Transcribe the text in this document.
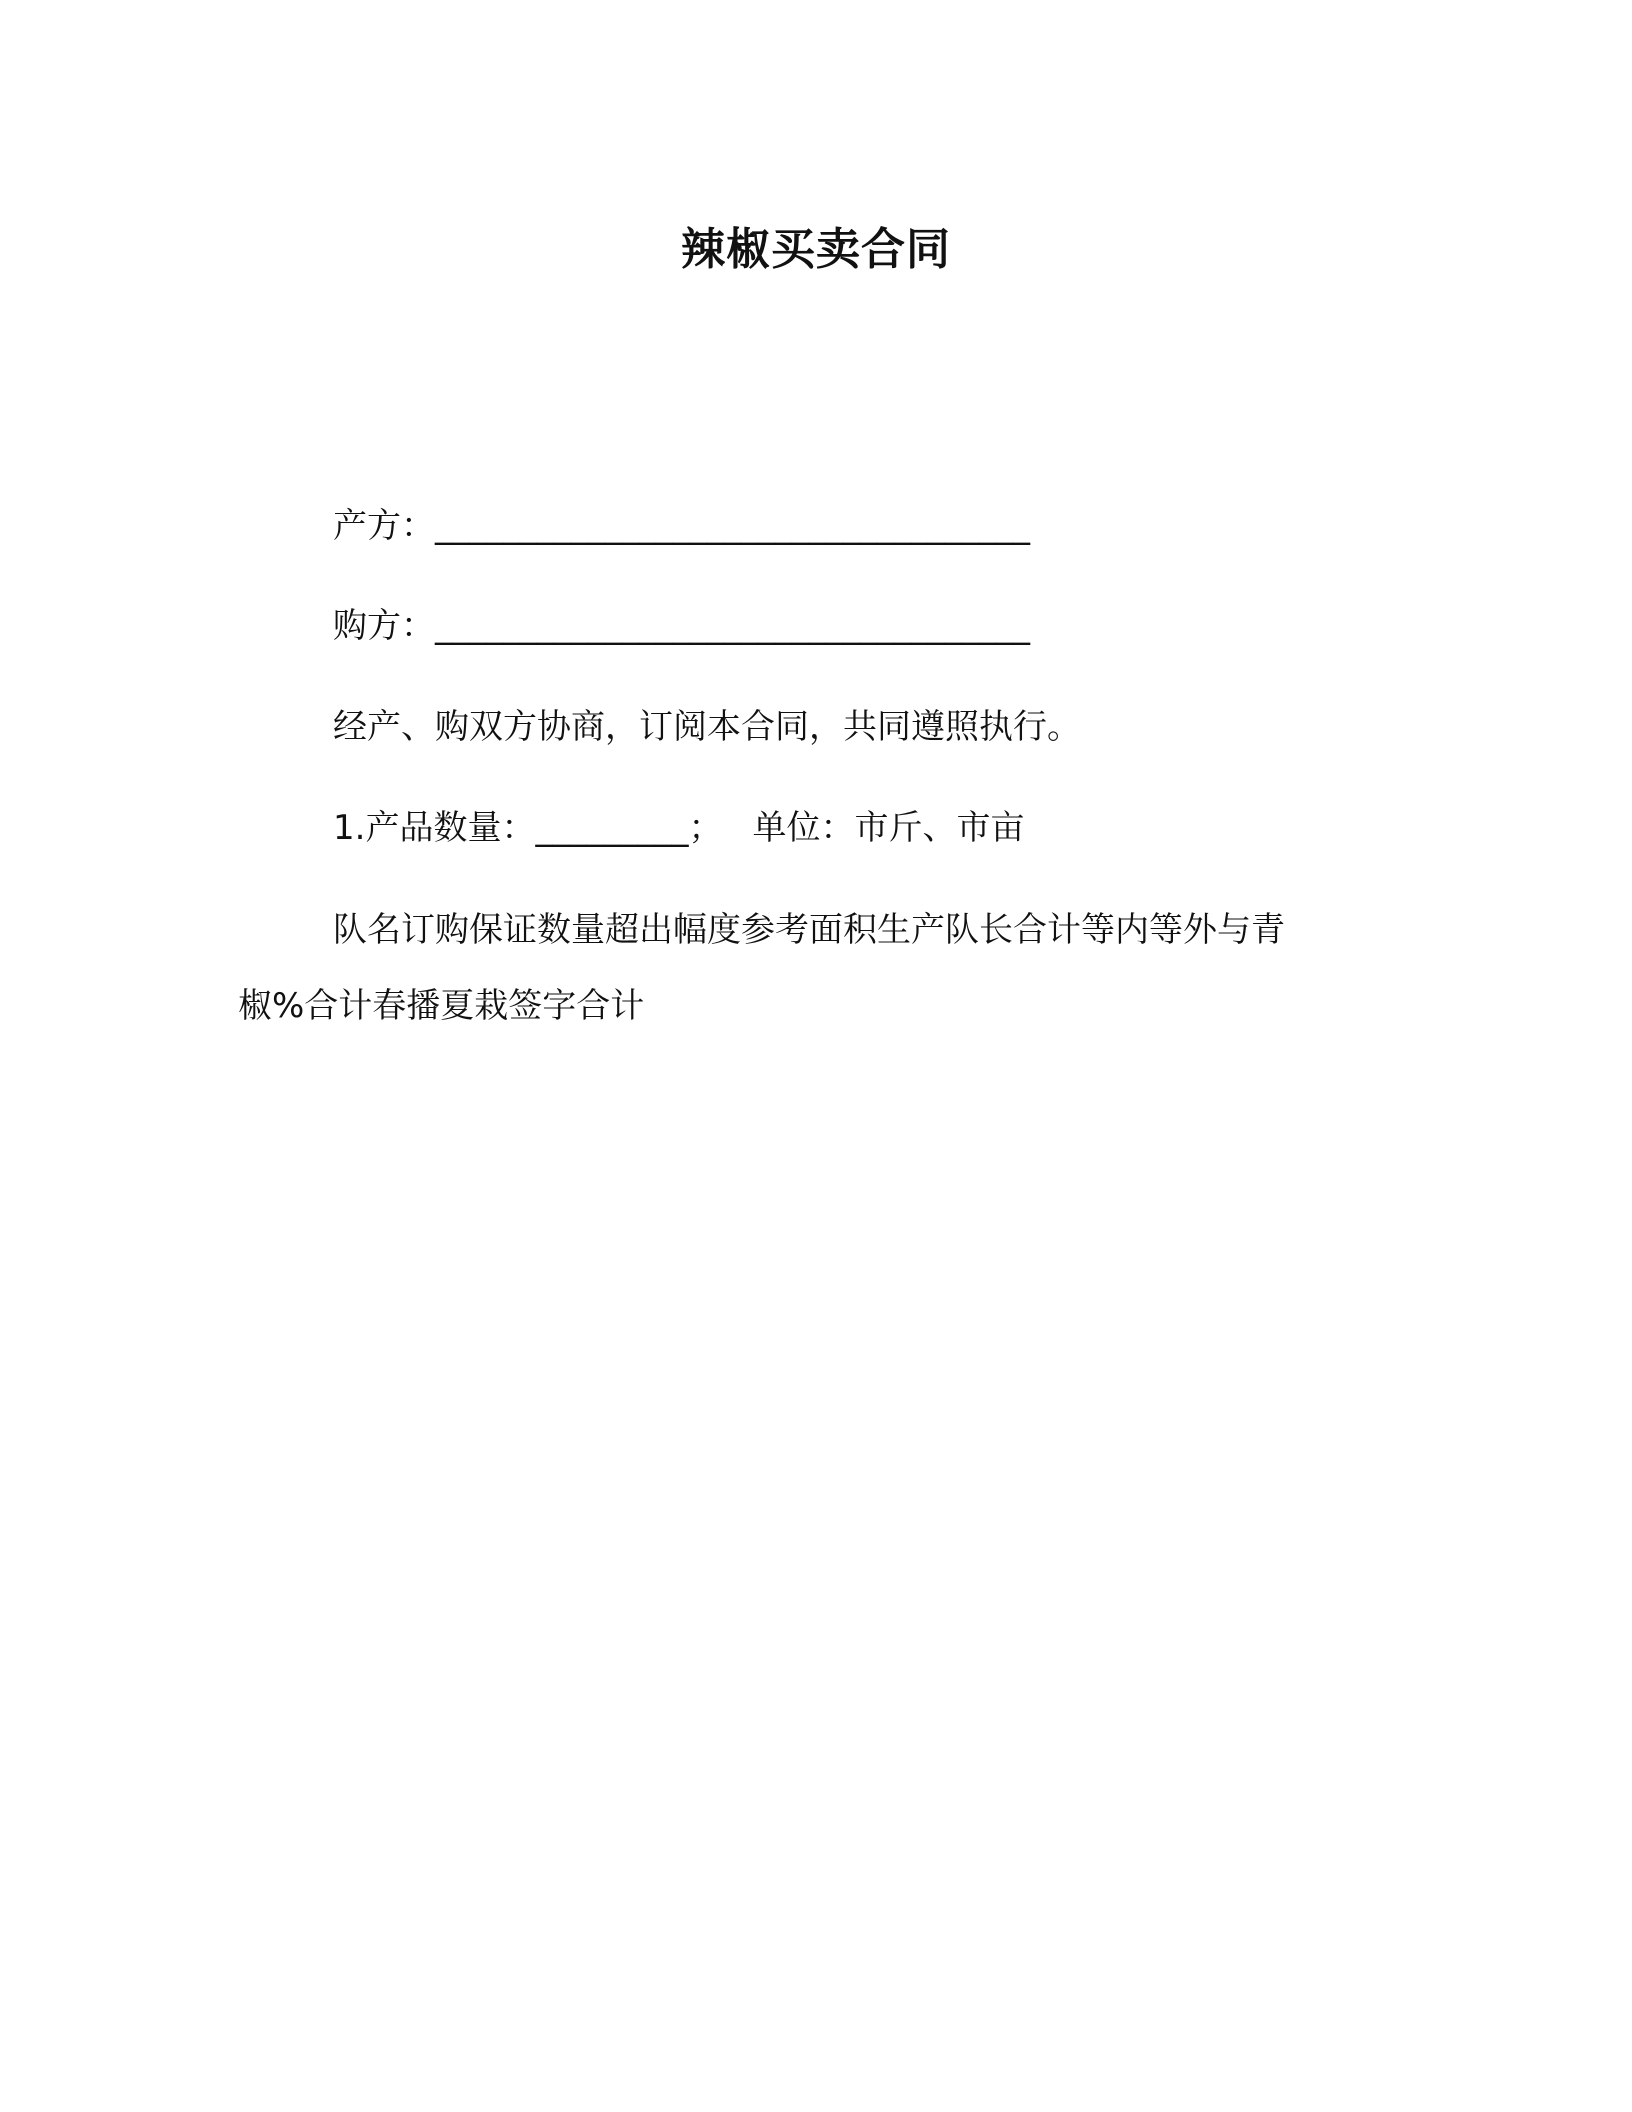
辣椒买卖合同
产方：___________________________________
购方：___________________________________
经产、购双方协商，订阅本合同，共同遵照执行。
1.产品数量：_________； 单位：市斤、市亩
队名订购保证数量超出幅度参考面积生产队长合计等内等外与青
椒%合计春播夏栽签字合计
